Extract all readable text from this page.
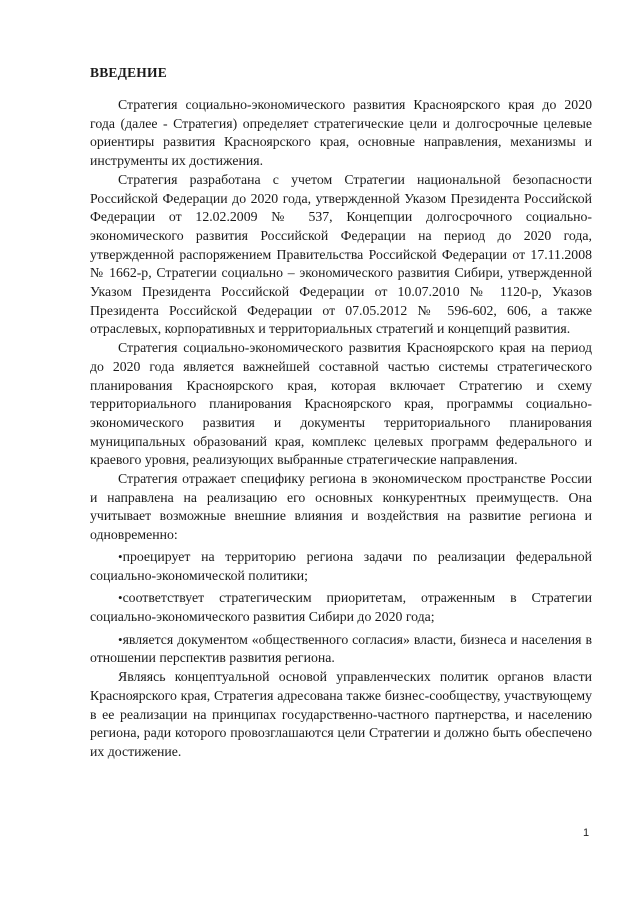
ВВЕДЕНИЕ

Стратегия социально-экономического развития Красноярского края до 2020 года (далее - Стратегия) определяет стратегические цели и долгосрочные целевые ориентиры развития Красноярского края, основные направления, механизмы и инструменты их достижения.

Стратегия разработана с учетом Стратегии национальной безопасности Российской Федерации до 2020 года, утвержденной Указом Президента Российской Федерации от 12.02.2009 № 537, Концепции долгосрочного социально-экономического развития Российской Федерации на период до 2020 года, утвержденной распоряжением Правительства Российской Федерации от 17.11.2008 № 1662-р, Стратегии социально – экономического развития Сибири, утвержденной Указом Президента Российской Федерации от 10.07.2010 № 1120-р, Указов Президента Российской Федерации от 07.05.2012 № 596-602, 606, а также отраслевых, корпоративных и территориальных стратегий и концепций развития.

Стратегия социально-экономического развития Красноярского края на период до 2020 года является важнейшей составной частью системы стратегического планирования Красноярского края, которая включает Стратегию и схему территориального планирования Красноярского края, программы социально-экономического развития и документы территориального планирования муниципальных образований края, комплекс целевых программ федерального и краевого уровня, реализующих выбранные стратегические направления.

Стратегия отражает специфику региона в экономическом пространстве России и направлена на реализацию его основных конкурентных преимуществ. Она учитывает возможные внешние влияния и воздействия на развитие региона и одновременно:

•проецирует на территорию региона задачи по реализации федеральной социально-экономической политики;

•соответствует стратегическим приоритетам, отраженным в Стратегии социально-экономического развития Сибири до 2020 года;

•является документом «общественного согласия» власти, бизнеса и населения в отношении перспектив развития региона.

Являясь концептуальной основой управленческих политик органов власти Красноярского края, Стратегия адресована также бизнес-сообществу, участвующему в ее реализации на принципах государственно-частного партнерства, и населению региона, ради которого провозглашаются цели Стратегии и должно быть обеспечено их достижение.

1
